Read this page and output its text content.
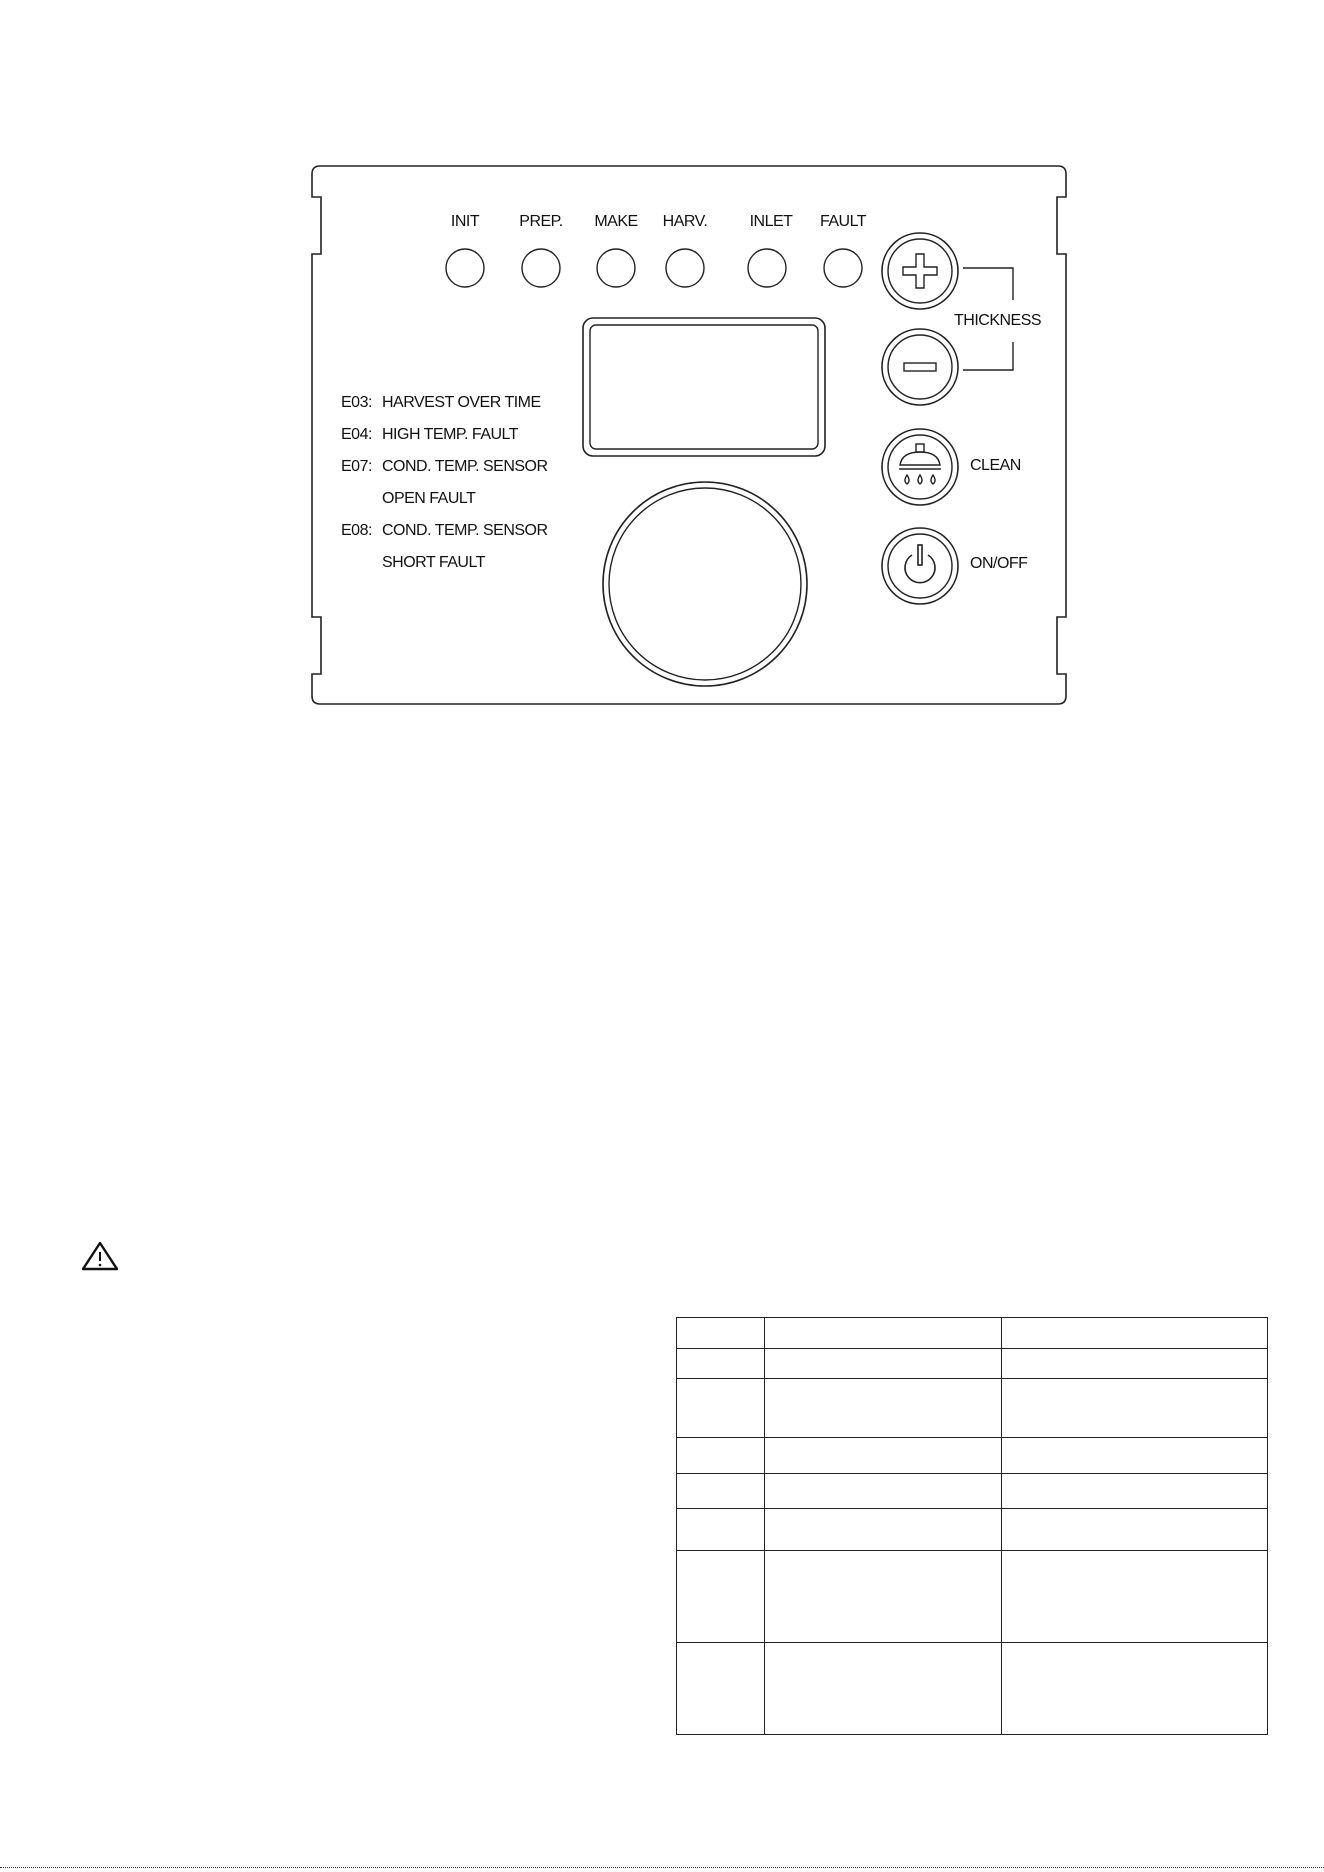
INIT	PREP. MAKE HARV.	INLET FAULT
THICKNESS
CLEAN
ON/OFF
E03: HARVEST OVER TIME
E04: HIGH TEMP. FAULT
E07: COND. TEMP. SENSOR
OPEN FAULT
E08: COND. TEMP. SENSOR
SHORT FAULT
